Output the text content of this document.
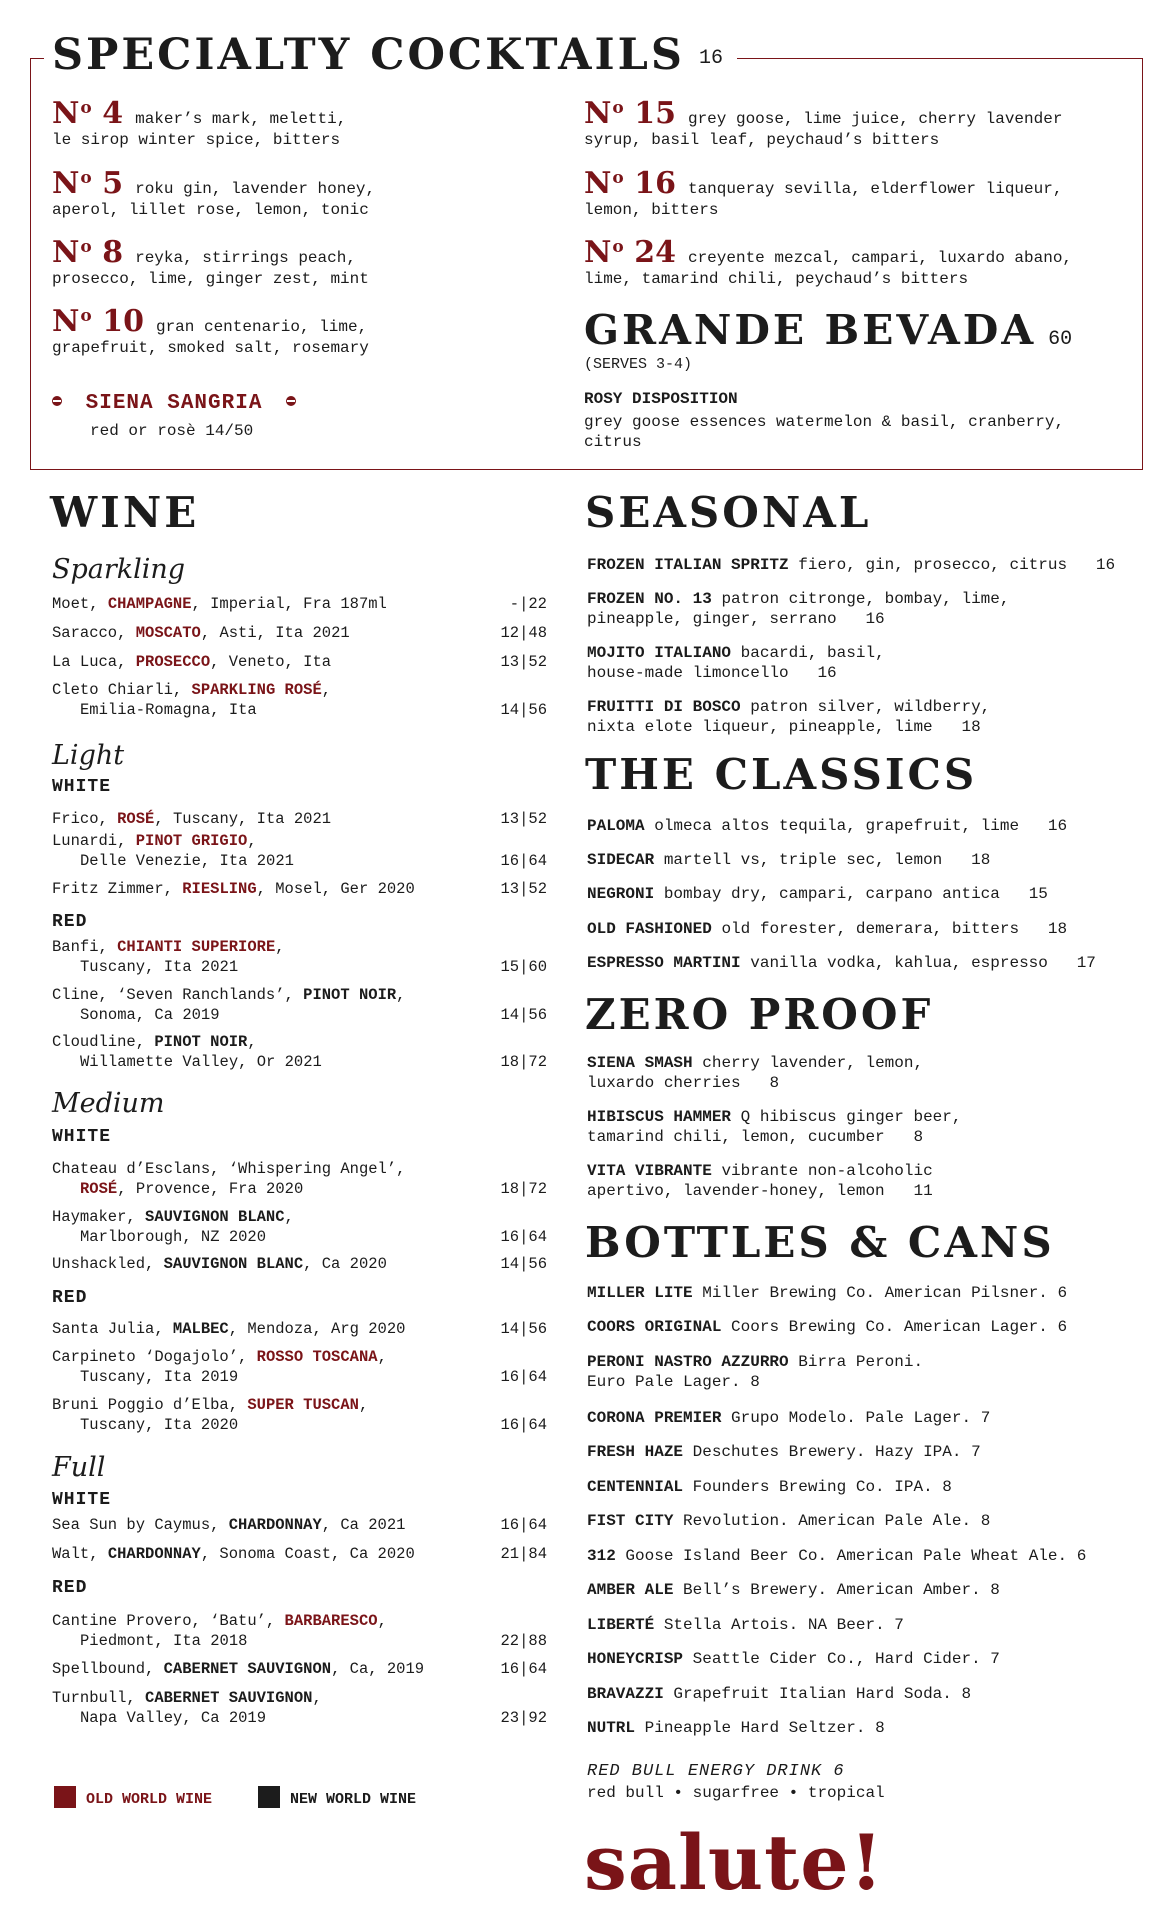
SPECIALTY COCKTAILS 16
$N^o$ 4 maker’s mark, meletti,
le sirop winter spice, bitters
$N^o$ 5 roku gin, lavender honey,
aperol, lillet rose, lemon, tonic
$N^o$ 8 reyka, stirrings peach,
prosecco, lime, ginger zest, mint
$N^o$ 10 gran centenario, lime,
grapefruit, smoked salt, rosemary
$N^o$ 15 grey goose, lime juice, cherry lavender
syrup, basil leaf, peychaud’s bitters
$N^o$ 16 tanqueray sevilla, elderflower liqueur,
lemon, bitters
$N^o$ 24 creyente mezcal, campari, luxardo abano,
lime, tamarind chili, peychaud’s bitters
SIENA SANGRIA
red or rosè 14/50
GRANDE BEVADA 60
(SERVES 3-4)
ROSY DISPOSITION
grey goose essences watermelon & basil, cranberry, citrus
WINE
Sparkling
Moet, CHAMPAGNE, Imperial, Fra 187ml	-|22
Saracco, MOSCATO, Asti, Ita 2021	12|48
La Luca, PROSECCO, Veneto, Ita	13|52
Cleto Chiarli, SPARKLING ROSÉ,
Emilia-Romagna, Ita	14|56
Light
WHITE
Frico, ROSÉ, Tuscany, Ita 2021	13|52
Lunardi, PINOT GRIGIO,
Delle Venezie, Ita 2021	16|64
Fritz Zimmer, RIESLING, Mosel, Ger 2020	13|52
RED
Banfi, CHIANTI SUPERIORE,
Tuscany, Ita 2021	15|60
Cline, ‘Seven Ranchlands’, PINOT NOIR,
Sonoma, Ca 2019	14|56
Cloudline, PINOT NOIR,
Willamette Valley, Or 2021	18|72
Medium
WHITE
Chateau d’Esclans, ‘Whispering Angel’,
ROSÉ, Provence, Fra 2020	18|72
Haymaker, SAUVIGNON BLANC,
Marlborough, NZ 2020	16|64
Unshackled, SAUVIGNON BLANC, Ca 2020	14|56
RED
Santa Julia, MALBEC, Mendoza, Arg 2020	14|56
Carpineto ‘Dogajolo’, ROSSO TOSCANA,
Tuscany, Ita 2019	16|64
Bruni Poggio d’Elba, SUPER TUSCAN,
Tuscany, Ita 2020	16|64
Full
WHITE
Sea Sun by Caymus, CHARDONNAY, Ca 2021	16|64
Walt, CHARDONNAY, Sonoma Coast, Ca 2020	21|84
RED
Cantine Provero, ‘Batu’, BARBARESCO,
Piedmont, Ita 2018	22|88
Spellbound, CABERNET SAUVIGNON, Ca, 2019	16|64
Turnbull, CABERNET SAUVIGNON,
Napa Valley, Ca 2019	23|92
OLD WORLD WINE	NEW WORLD WINE
SEASONAL
FROZEN ITALIAN SPRITZ fiero, gin, prosecco, citrus 16
FROZEN NO. 13 patron citronge, bombay, lime,
pineapple, ginger, serrano 16
MOJITO ITALIANO bacardi, basil,
house-made limoncello 16
FRUITTI DI BOSCO patron silver, wildberry,
nixta elote liqueur, pineapple, lime 18
THE CLASSICS
PALOMA olmeca altos tequila, grapefruit, lime 16
SIDECAR martell vs, triple sec, lemon 18
NEGRONI bombay dry, campari, carpano antica 15
OLD FASHIONED old forester, demerara, bitters 18
ESPRESSO MARTINI vanilla vodka, kahlua, espresso 17
ZERO PROOF
SIENA SMASH cherry lavender, lemon,
luxardo cherries 8
HIBISCUS HAMMER Q hibiscus ginger beer,
tamarind chili, lemon, cucumber 8
VITA VIBRANTE vibrante non-alcoholic
apertivo, lavender-honey, lemon 11
BOTTLES & CANS
MILLER LITE Miller Brewing Co. American Pilsner. 6
COORS ORIGINAL Coors Brewing Co. American Lager. 6
PERONI NASTRO AZZURRO Birra Peroni.
Euro Pale Lager. 8
CORONA PREMIER Grupo Modelo. Pale Lager. 7
FRESH HAZE Deschutes Brewery. Hazy IPA. 7
CENTENNIAL Founders Brewing Co. IPA. 8
FIST CITY Revolution. American Pale Ale. 8
312 Goose Island Beer Co. American Pale Wheat Ale. 6
AMBER ALE Bell’s Brewery. American Amber. 8
LIBERTÉ Stella Artois. NA Beer. 7
HONEYCRISP Seattle Cider Co., Hard Cider. 7
BRAVAZZI Grapefruit Italian Hard Soda. 8
NUTRL Pineapple Hard Seltzer. 8
RED BULL ENERGY DRINK 6
red bull • sugarfree • tropical
salute!
